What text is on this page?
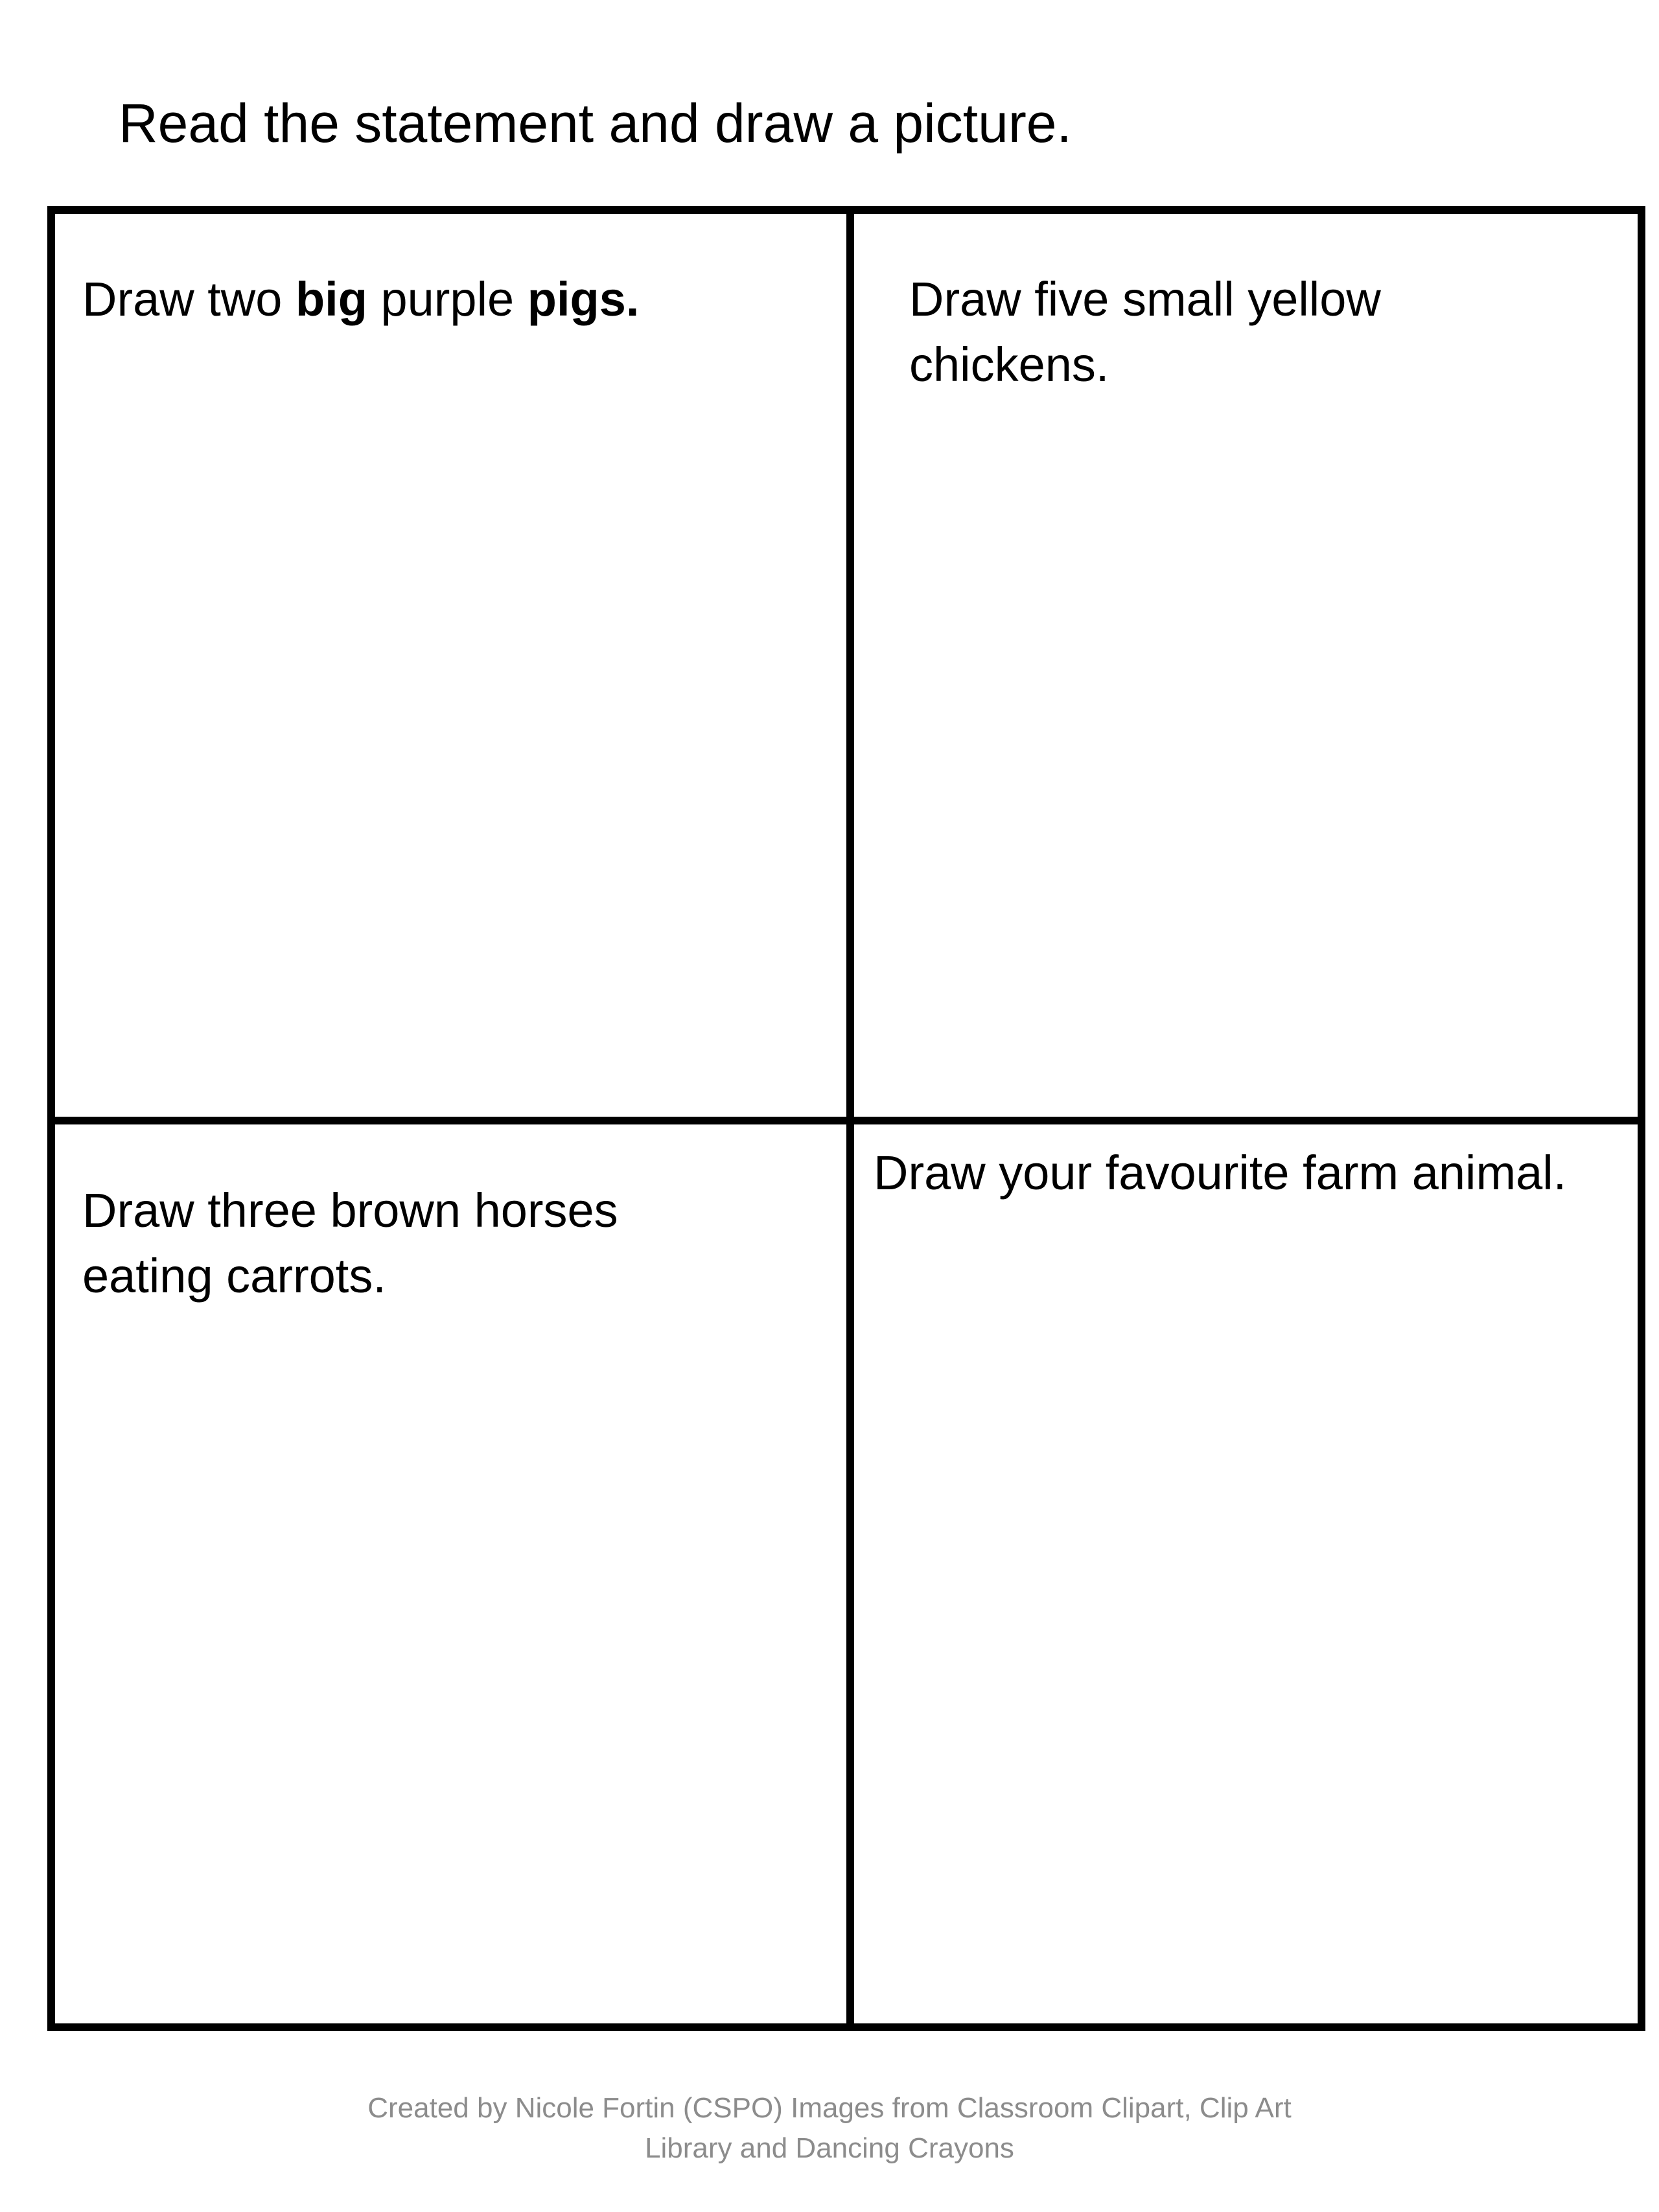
Read the statement and draw a picture.
Draw two big purple pigs.	Draw five small yellow
chickens.
Draw three brown horses
eating carrots.
Draw your favourite farm animal.
Created by Nicole Fortin (CSPO) Images from Classroom Clipart, Clip Art
Library and Dancing Crayons
